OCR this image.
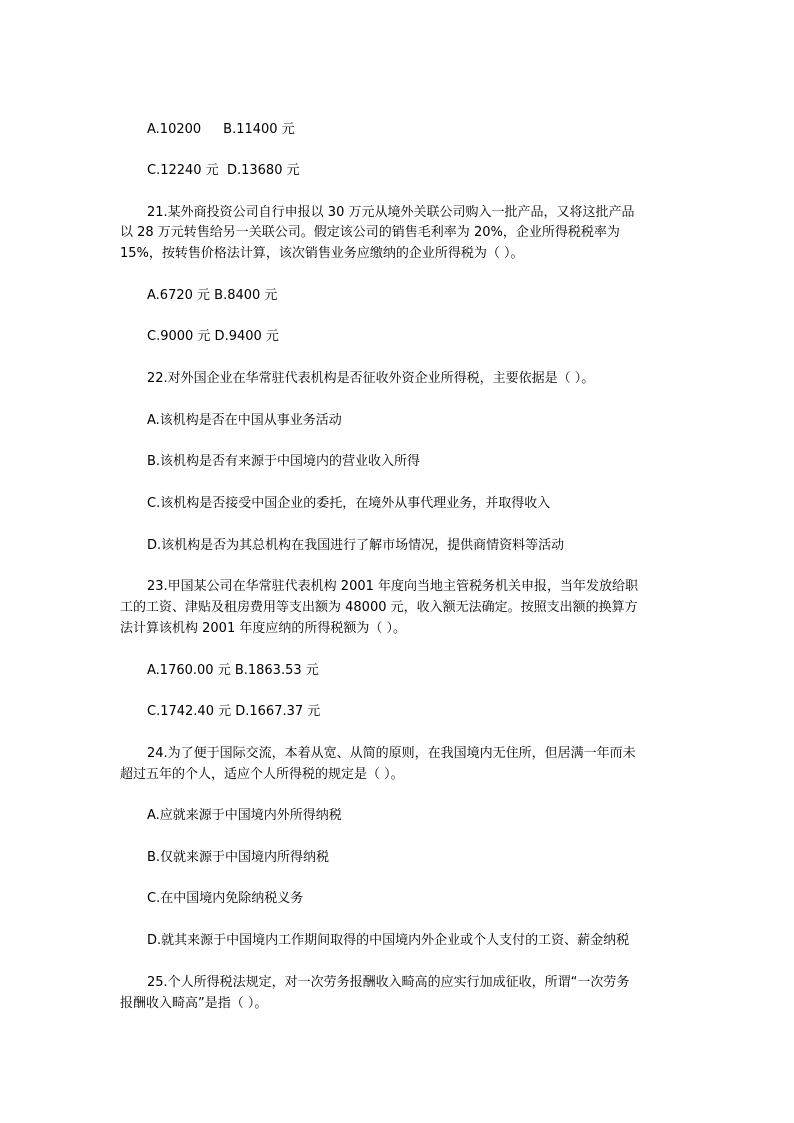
A.10200 B.11400 元
C.12240 元 D.13680 元
21.某外商投资公司自行申报以 30 万元从境外关联公司购入一批产品，又将这批产品
以 28 万元转售给另一关联公司。假定该公司的销售毛利率为 20%，企业所得税税率为
15%，按转售价格法计算，该次销售业务应缴纳的企业所得税为（ ）。
A.6720 元 B.8400 元
C.9000 元 D.9400 元
22.对外国企业在华常驻代表机构是否征收外资企业所得税，主要依据是（ ）。
A.该机构是否在中国从事业务活动
B.该机构是否有来源于中国境内的营业收入所得
C.该机构是否接受中国企业的委托，在境外从事代理业务，并取得收入
D.该机构是否为其总机构在我国进行了解市场情况，提供商情资料等活动
23.甲国某公司在华常驻代表机构 2001 年度向当地主管税务机关申报，当年发放给职
工的工资、津贴及租房费用等支出额为 48000 元，收入额无法确定。按照支出额的换算方
法计算该机构 2001 年度应纳的所得税额为（ ）。
A.1760.00 元 B.1863.53 元
C.1742.40 元 D.1667.37 元
24.为了便于国际交流，本着从宽、从简的原则，在我国境内无住所，但居满一年而未
超过五年的个人，适应个人所得税的规定是（ ）。
A.应就来源于中国境内外所得纳税
B.仅就来源于中国境内所得纳税
C.在中国境内免除纳税义务
D.就其来源于中国境内工作期间取得的中国境内外企业或个人支付的工资、薪金纳税
25.个人所得税法规定，对一次劳务报酬收入畸高的应实行加成征收，所谓“一次劳务
报酬收入畸高”是指（ ）。
